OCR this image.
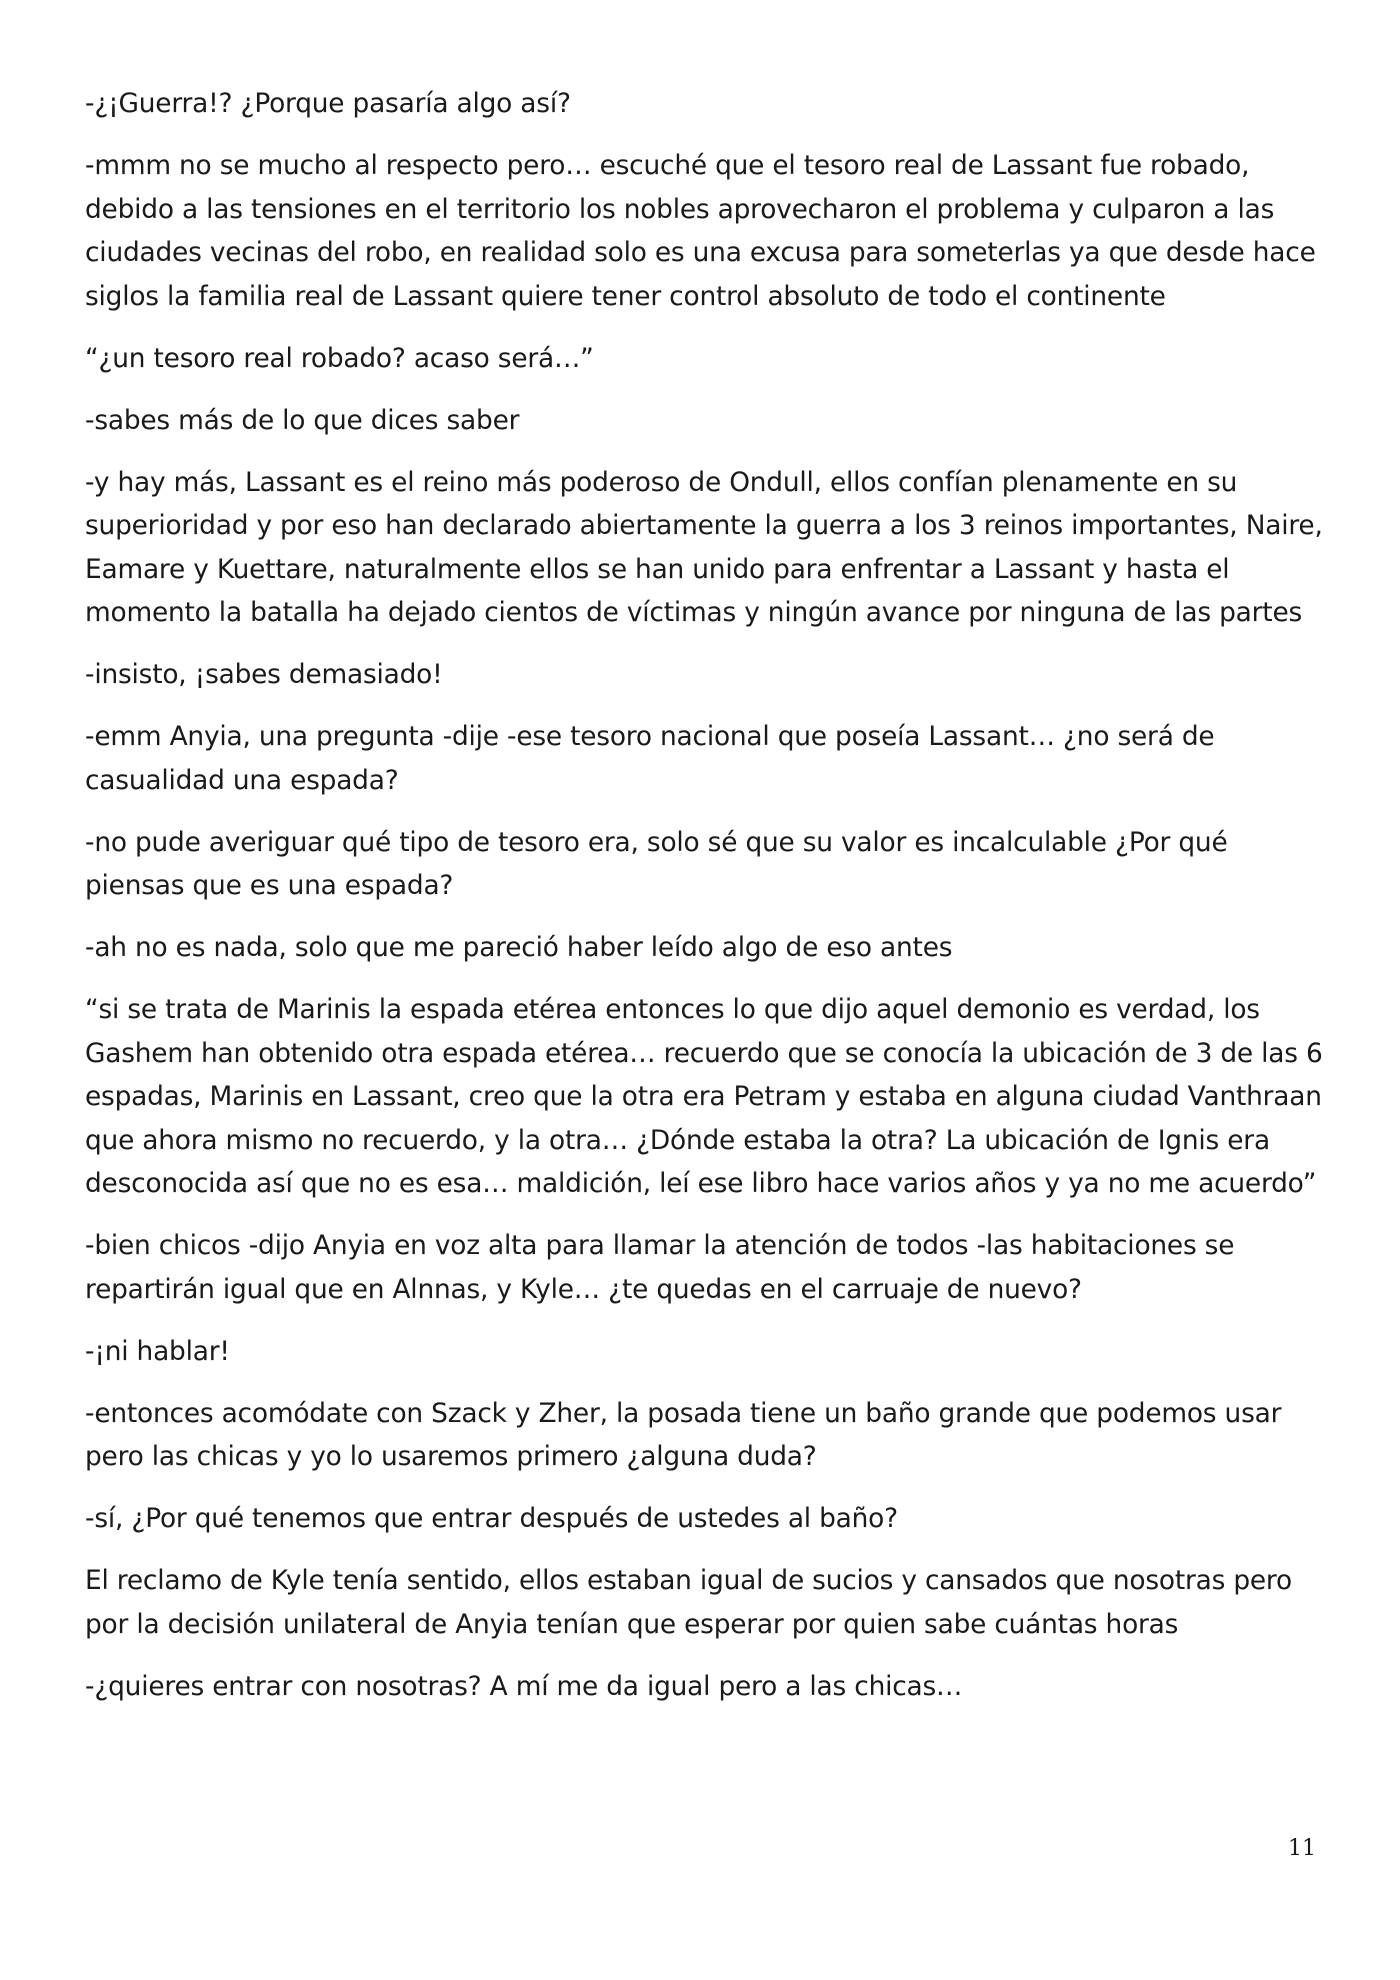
-¿¡Guerra!? ¿Porque pasaría algo así?

-mmm no se mucho al respecto pero… escuché que el tesoro real de Lassant fue robado, debido a las tensiones en el territorio los nobles aprovecharon el problema y culparon a las ciudades vecinas del robo, en realidad solo es una excusa para someterlas ya que desde hace siglos la familia real de Lassant quiere tener control absoluto de todo el continente

“¿un tesoro real robado? acaso será…”

-sabes más de lo que dices saber

-y hay más, Lassant es el reino más poderoso de Ondull, ellos confían plenamente en su superioridad y por eso han declarado abiertamente la guerra a los 3 reinos importantes, Naire, Eamare y Kuettare, naturalmente ellos se han unido para enfrentar a Lassant y hasta el momento la batalla ha dejado cientos de víctimas y ningún avance por ninguna de las partes

-insisto, ¡sabes demasiado!

-emm Anyia, una pregunta -dije -ese tesoro nacional que poseía Lassant… ¿no será de casualidad una espada?

-no pude averiguar qué tipo de tesoro era, solo sé que su valor es incalculable ¿Por qué piensas que es una espada?

-ah no es nada, solo que me pareció haber leído algo de eso antes

“si se trata de Marinis la espada etérea entonces lo que dijo aquel demonio es verdad, los Gashem han obtenido otra espada etérea… recuerdo que se conocía la ubicación de 3 de las 6 espadas, Marinis en Lassant, creo que la otra era Petram y estaba en alguna ciudad Vanthraan que ahora mismo no recuerdo, y la otra… ¿Dónde estaba la otra? La ubicación de Ignis era desconocida así que no es esa… maldición, leí ese libro hace varios años y ya no me acuerdo”

-bien chicos -dijo Anyia en voz alta para llamar la atención de todos -las habitaciones se repartirán igual que en Alnnas, y Kyle… ¿te quedas en el carruaje de nuevo?

-¡ni hablar!

-entonces acomódate con Szack y Zher, la posada tiene un baño grande que podemos usar pero las chicas y yo lo usaremos primero ¿alguna duda?

-sí, ¿Por qué tenemos que entrar después de ustedes al baño?

El reclamo de Kyle tenía sentido, ellos estaban igual de sucios y cansados que nosotras pero por la decisión unilateral de Anyia tenían que esperar por quien sabe cuántas horas

-¿quieres entrar con nosotras? A mí me da igual pero a las chicas…

11
